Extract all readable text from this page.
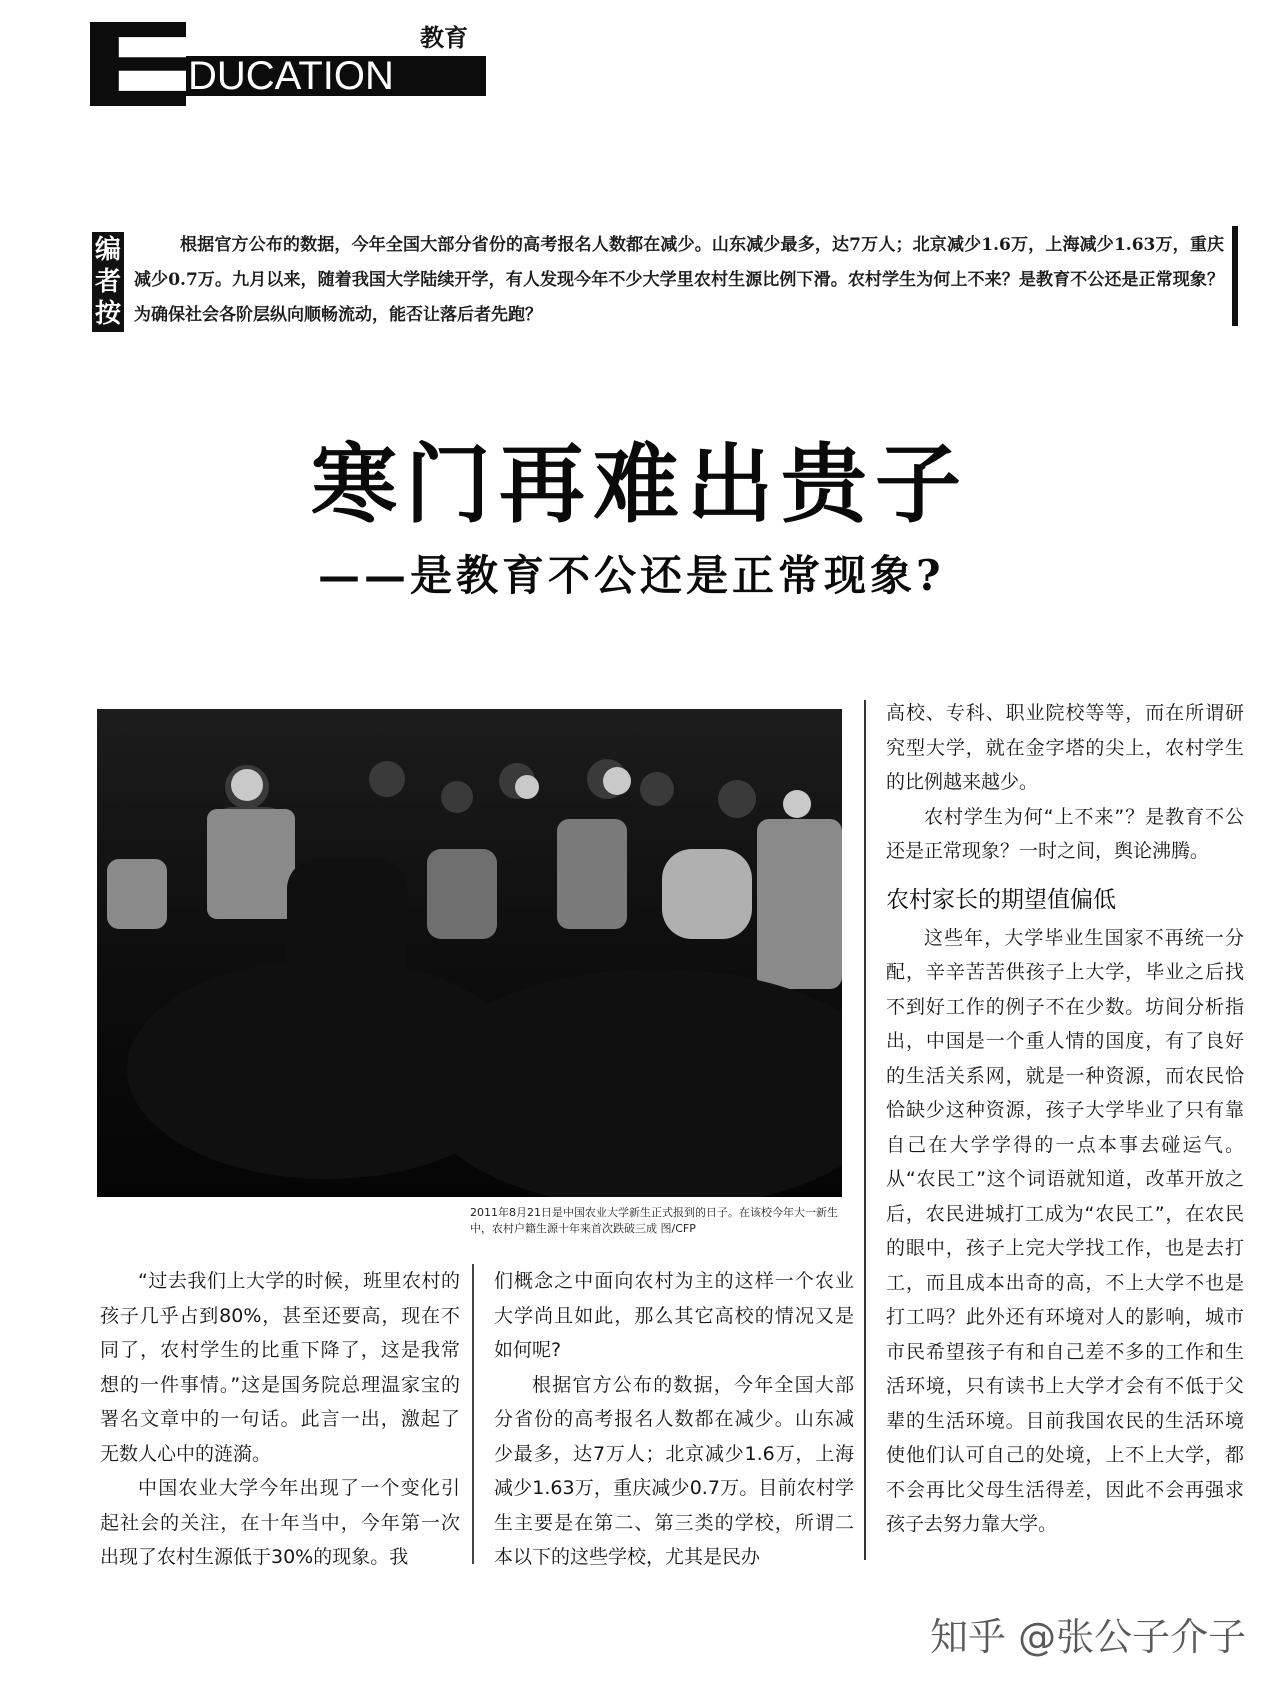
DUCATION
教育
编
者
按
根据官方公布的数据，今年全国大部分省份的高考报名人数都在减少。山东减少最多，达7万人；北京减少1.6万，上海减少1.63万，重庆减少0.7万。九月以来，随着我国大学陆续开学，有人发现今年不少大学里农村生源比例下滑。农村学生为何上不来？是教育不公还是正常现象？为确保社会各阶层纵向顺畅流动，能否让落后者先跑？
寒门再难出贵子
——是教育不公还是正常现象?
2011年8月21日是中国农业大学新生正式报到的日子。在该校今年大一新生中，农村户籍生源十年来首次跌破三成 图/CFP

“过去我们上大学的时候，班里农村的孩子几乎占到80%，甚至还要高，现在不同了，农村学生的比重下降了，这是我常想的一件事情。”这是国务院总理温家宝的署名文章中的一句话。此言一出，激起了无数人心中的涟漪。

中国农业大学今年出现了一个变化引起社会的关注，在十年当中，今年第一次出现了农村生源低于30%的现象。我

们概念之中面向农村为主的这样一个农业大学尚且如此，那么其它高校的情况又是如何呢?

根据官方公布的数据，今年全国大部分省份的高考报名人数都在减少。山东减少最多，达7万人；北京减少1.6万，上海减少1.63万，重庆减少0.7万。目前农村学生主要是在第二、第三类的学校，所谓二本以下的这些学校，尤其是民办

高校、专科、职业院校等等，而在所谓研究型大学，就在金字塔的尖上，农村学生的比例越来越少。

农村学生为何“上不来”？是教育不公还是正常现象？一时之间，舆论沸腾。

农村家长的期望值偏低

这些年，大学毕业生国家不再统一分配，辛辛苦苦供孩子上大学，毕业之后找不到好工作的例子不在少数。坊间分析指出，中国是一个重人情的国度，有了良好的生活关系网，就是一种资源，而农民恰恰缺少这种资源，孩子大学毕业了只有靠自己在大学学得的一点本事去碰运气。从“农民工”这个词语就知道，改革开放之后，农民进城打工成为“农民工”，在农民的眼中，孩子上完大学找工作，也是去打工，而且成本出奇的高，不上大学不也是打工吗？此外还有环境对人的影响，城市市民希望孩子有和自己差不多的工作和生活环境，只有读书上大学才会有不低于父辈的生活环境。目前我国农民的生活环境使他们认可自己的处境，上不上大学，都不会再比父母生活得差，因此不会再强求孩子去努力靠大学。

知乎 @张公子介子
